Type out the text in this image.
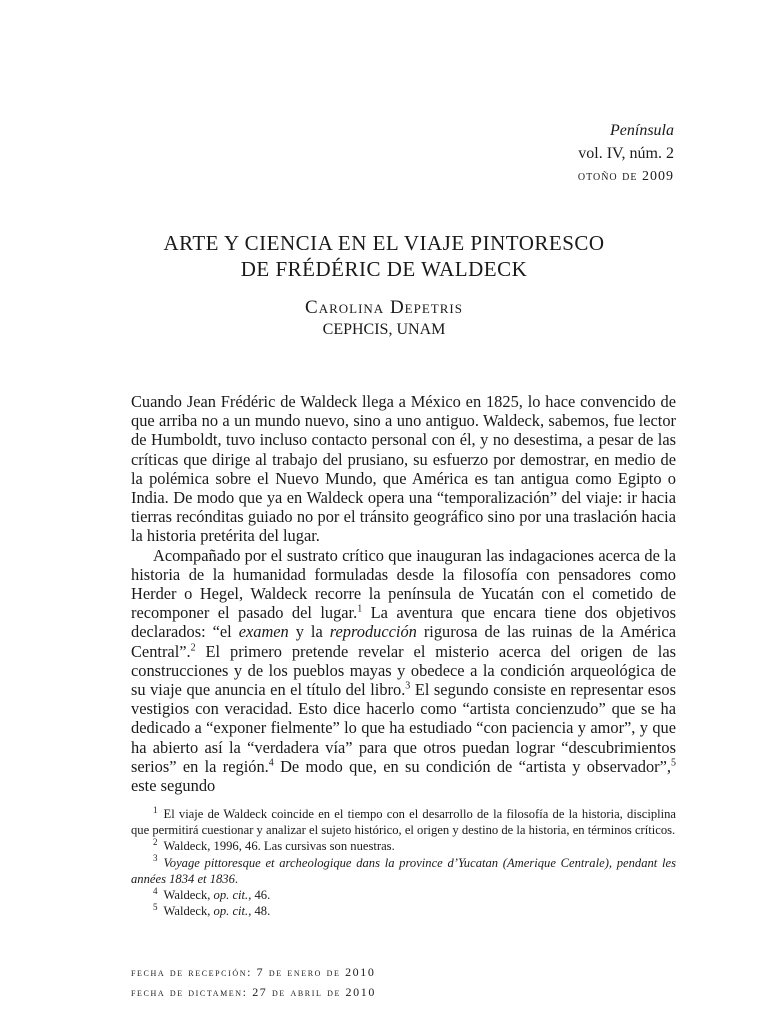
Península
vol. IV, núm. 2
otoño de 2009
ARTE Y CIENCIA EN EL VIAJE PINTORESCO
DE FRÉDÉRIC DE WALDECK
Carolina Depetris
CEPHCIS, UNAM

Cuando Jean Frédéric de Waldeck llega a México en 1825, lo hace convencido de que arriba no a un mundo nuevo, sino a uno antiguo. Waldeck, sabemos, fue lector de Humboldt, tuvo incluso contacto personal con él, y no desestima, a pesar de las críticas que dirige al trabajo del prusiano, su esfuerzo por demostrar, en medio de la polémica sobre el Nuevo Mundo, que América es tan antigua como Egipto o India. De modo que ya en Waldeck opera una “temporalización” del viaje: ir hacia tierras recónditas guiado no por el tránsito geográfico sino por una traslación hacia la historia pretérita del lugar.

Acompañado por el sustrato crítico que inauguran las indagaciones acerca de la historia de la humanidad formuladas desde la filosofía con pensadores como Herder o Hegel, Waldeck recorre la península de Yucatán con el cometido de recomponer el pasado del lugar.$^1$ La aventura que encara tiene dos objetivos declarados: “el examen y la reproducción rigurosa de las ruinas de la América Central”.$^2$ El primero pretende revelar el misterio acerca del origen de las construcciones y de los pueblos mayas y obedece a la condición arqueológica de su viaje que anuncia en el título del libro.$^3$ El segundo consiste en representar esos vestigios con veracidad. Esto dice hacerlo como “artista concienzudo” que se ha dedicado a “exponer fielmente” lo que ha estudiado “con paciencia y amor”, y que ha abierto así la “verdadera vía” para que otros puedan lograr “descubrimientos serios” en la región.$^4$ De modo que, en su condición de “artista y observador”,$^5$ este segundo

$^1$ El viaje de Waldeck coincide en el tiempo con el desarrollo de la filosofía de la historia, disciplina que permitirá cuestionar y analizar el sujeto histórico, el origen y destino de la historia, en términos críticos.

$^2$ Waldeck, 1996, 46. Las cursivas son nuestras.

$^3$ Voyage pittoresque et archeologique dans la province d’Yucatan (Amerique Centrale), pendant les années 1834 et 1836.

$^4$ Waldeck, op. cit., 46.

$^5$ Waldeck, op. cit., 48.

fecha de recepción: 7 de enero de 2010
fecha de dictamen: 27 de abril de 2010
